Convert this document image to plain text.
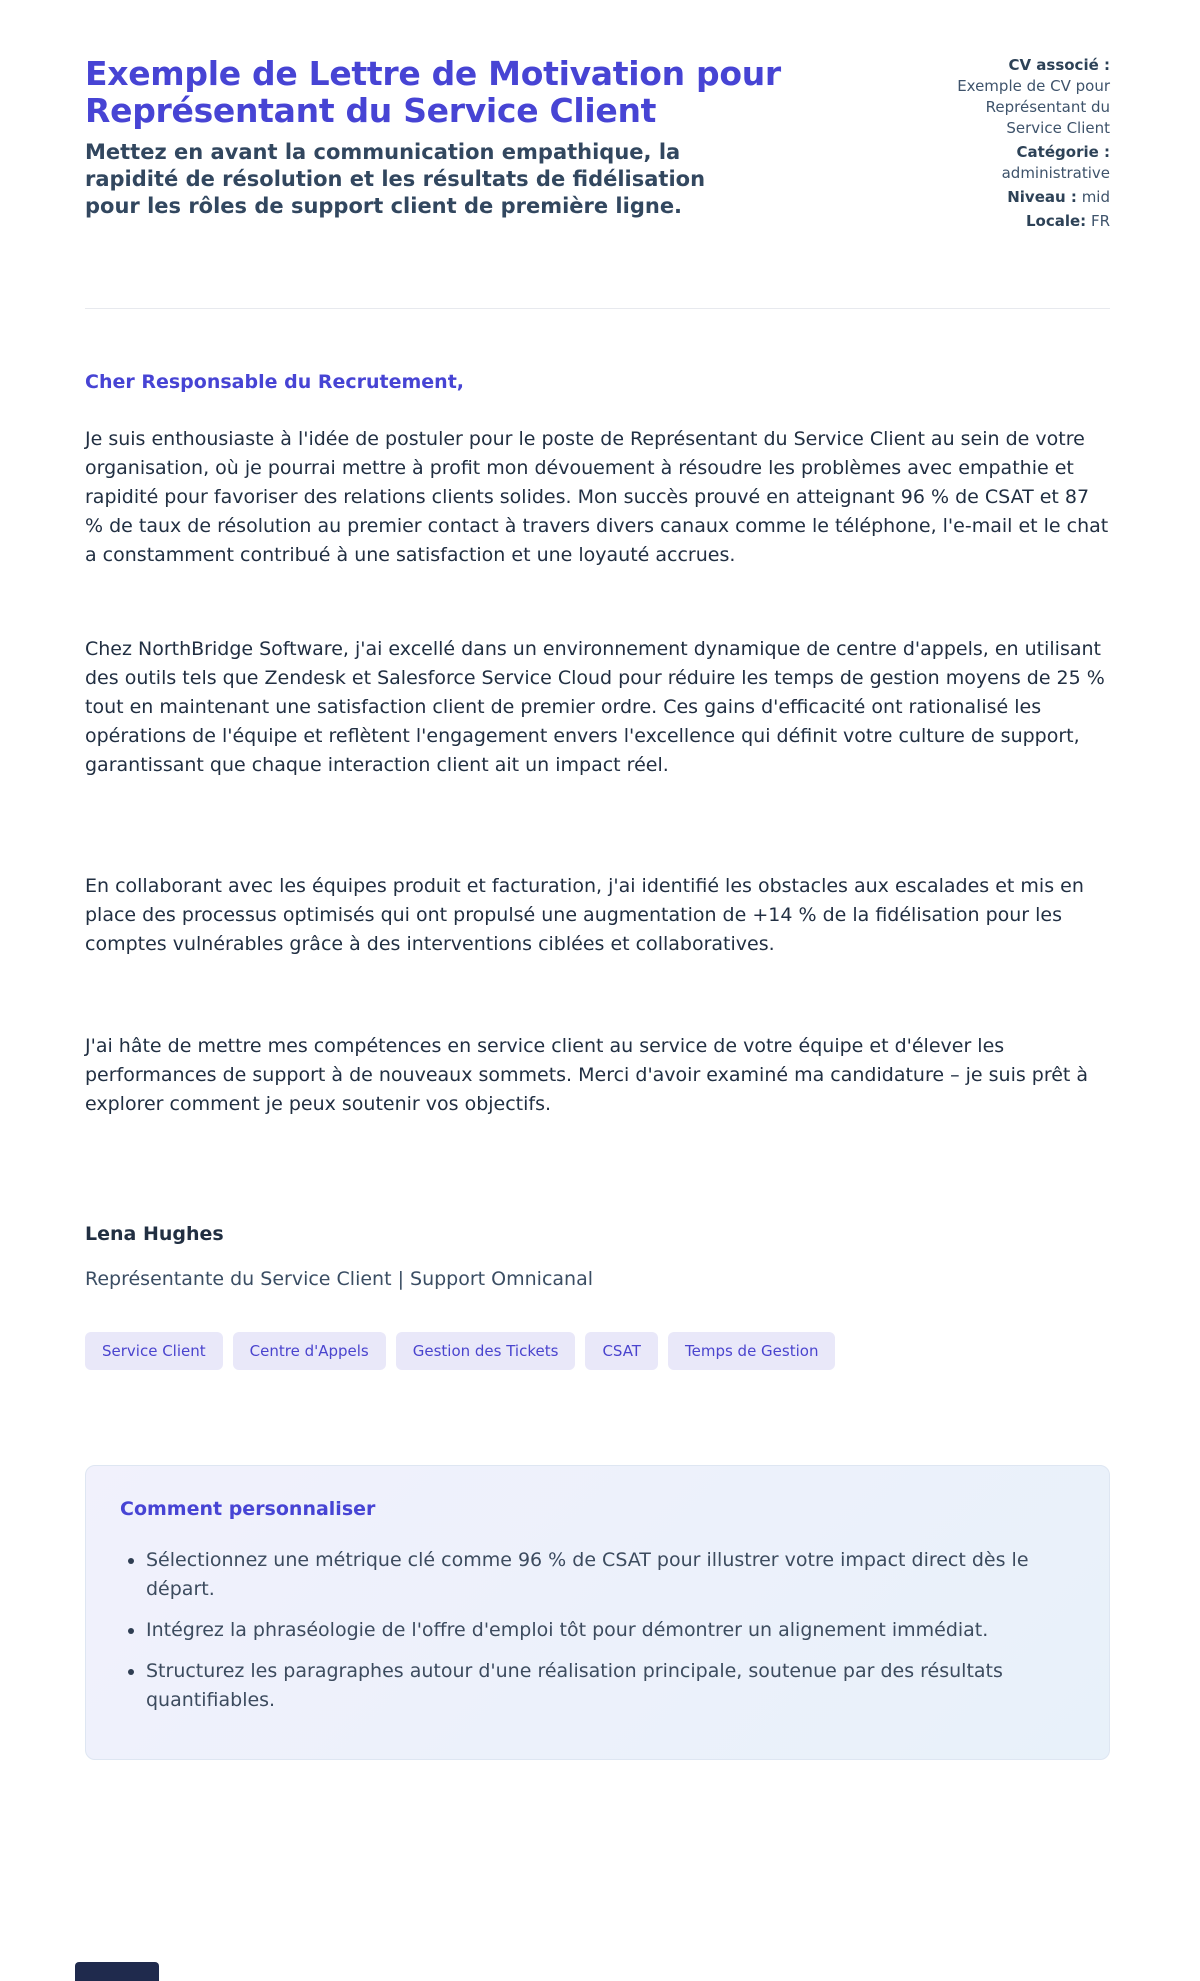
Exemple de Lettre de Motivation pour Représentant du Service Client
Mettez en avant la communication empathique, la rapidité de résolution et les résultats de fidélisation pour les rôles de support client de première ligne.
CV associé :
Exemple de CV pour Représentant du Service Client
Catégorie :
administrative
Niveau : mid
Locale: FR
Cher Responsable du Recrutement,

Je suis enthousiaste à l'idée de postuler pour le poste de Représentant du Service Client au sein de votre organisation, où je pourrai mettre à profit mon dévouement à résoudre les problèmes avec empathie et rapidité pour favoriser des relations clients solides. Mon succès prouvé en atteignant 96 % de CSAT et 87 % de taux de résolution au premier contact à travers divers canaux comme le téléphone, l'e-mail et le chat a constamment contribué à une satisfaction et une loyauté accrues.

Chez NorthBridge Software, j'ai excellé dans un environnement dynamique de centre d'appels, en utilisant des outils tels que Zendesk et Salesforce Service Cloud pour réduire les temps de gestion moyens de 25 % tout en maintenant une satisfaction client de premier ordre. Ces gains d'efficacité ont rationalisé les opérations de l'équipe et reflètent l'engagement envers l'excellence qui définit votre culture de support, garantissant que chaque interaction client ait un impact réel.

En collaborant avec les équipes produit et facturation, j'ai identifié les obstacles aux escalades et mis en place des processus optimisés qui ont propulsé une augmentation de +14 % de la fidélisation pour les comptes vulnérables grâce à des interventions ciblées et collaboratives.

J'ai hâte de mettre mes compétences en service client au service de votre équipe et d'élever les performances de support à de nouveaux sommets. Merci d'avoir examiné ma candidature – je suis prêt à explorer comment je peux soutenir vos objectifs.

Lena Hughes
Représentante du Service Client | Support Omnicanal
Service Client	Centre d'Appels	Gestion des Tickets	CSAT	Temps de Gestion
Comment personnaliser
• Sélectionnez une métrique clé comme 96 % de CSAT pour illustrer votre impact direct dès le départ.
• Intégrez la phraséologie de l'offre d'emploi tôt pour démontrer un alignement immédiat.
• Structurez les paragraphes autour d'une réalisation principale, soutenue par des résultats quantifiables.
